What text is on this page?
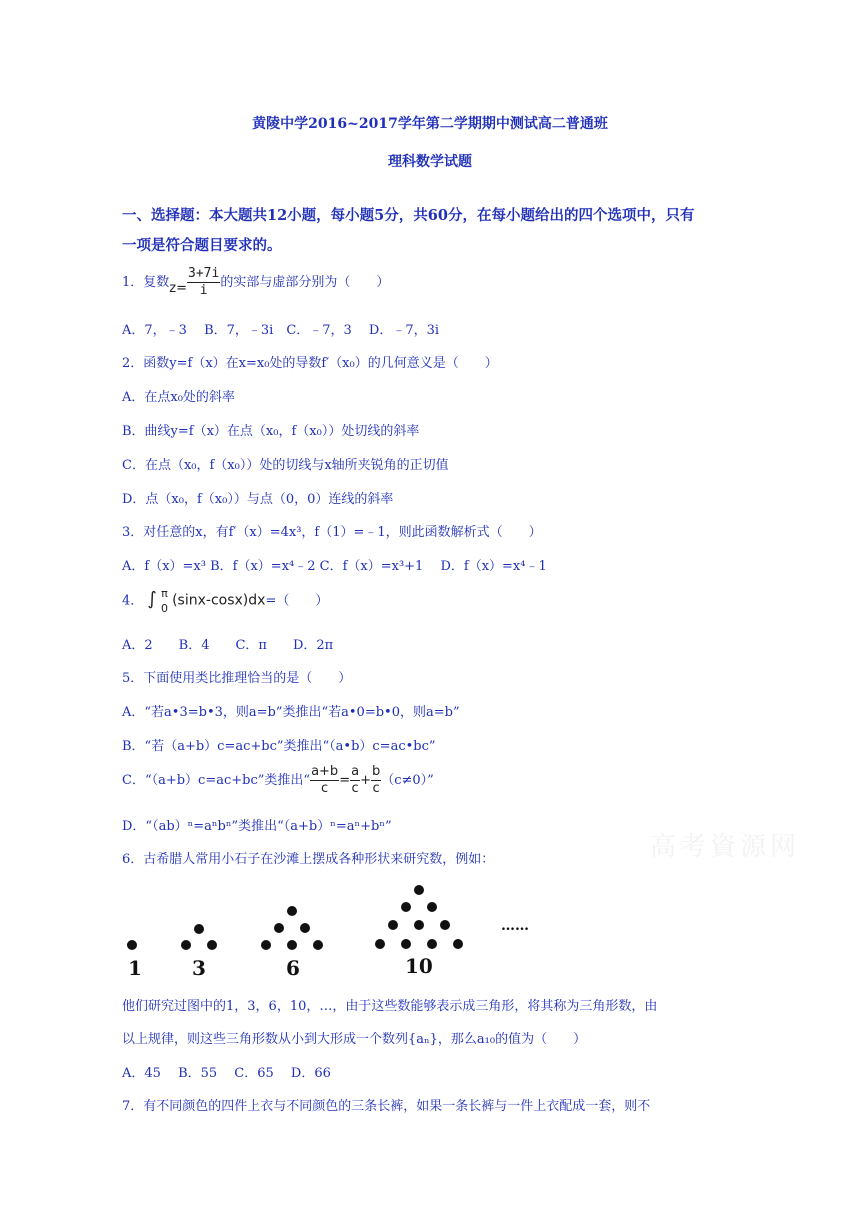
黄陵中学2016~2017学年第二学期期中测试高二普通班
理科数学试题
一、选择题：本大题共12小题，每小题5分，共60分，在每小题给出的四个选项中，只有
一项是符合题目要求的。
1．复数$z= \frac{3+7i}{i}$ 的实部与虚部分别为（　　）
A．7，﹣3　 B．7，﹣3i　C．﹣7，3　 D．﹣7，3i
2．函数y=f（x）在x=x₀处的导数f′（x₀）的几何意义是（　　）
A．在点x₀处的斜率
B．曲线y=f（x）在点（x₀，f（x₀））处切线的斜率
C．在点（x₀，f（x₀））处的切线与x轴所夹锐角的正切值
D．点（x₀，f（x₀））与点（0，0）连线的斜率
3．对任意的x，有f′（x）=4x³，f（1）=﹣1，则此函数解析式（　　）
A．f（x）=x³ B．f（x）=x⁴﹣2 C．f（x）=x³+1　 D．f（x）=x⁴﹣1
4． ∫ π
0 (sinx-cosx)dx=（　　）
A．2　　B．4　　C．π　　D．2π
5．下面使用类比推理恰当的是（　　）
A．“若a•3=b•3，则a=b”类推出“若a•0=b•0，则a=b”
B．“若（a+b）c=ac+bc”类推出“（a•b）c=ac•bc”
C．“（a+b）c=ac+bc”类推出“ $\frac{a+b}{c} = \frac{a}{c} + \frac{b}{c} (c\ne 0)$”
D．“（ab）ⁿ=aⁿbⁿ”类推出“（a+b）ⁿ=aⁿ+bⁿ”
高考資源网
6．古希腊人常用小石子在沙滩上摆成各种形状来研究数，例如：
1	3	6	10
……
他们研究过图中的1，3，6，10，…，由于这些数能够表示成三角形，将其称为三角形数，由
以上规律，则这些三角形数从小到大形成一个数列{aₙ}，那么a₁₀的值为（　　）
A．45　 B．55　 C．65　 D．66
7．有不同颜色的四件上衣与不同颜色的三条长裤，如果一条长裤与一件上衣配成一套，则不
